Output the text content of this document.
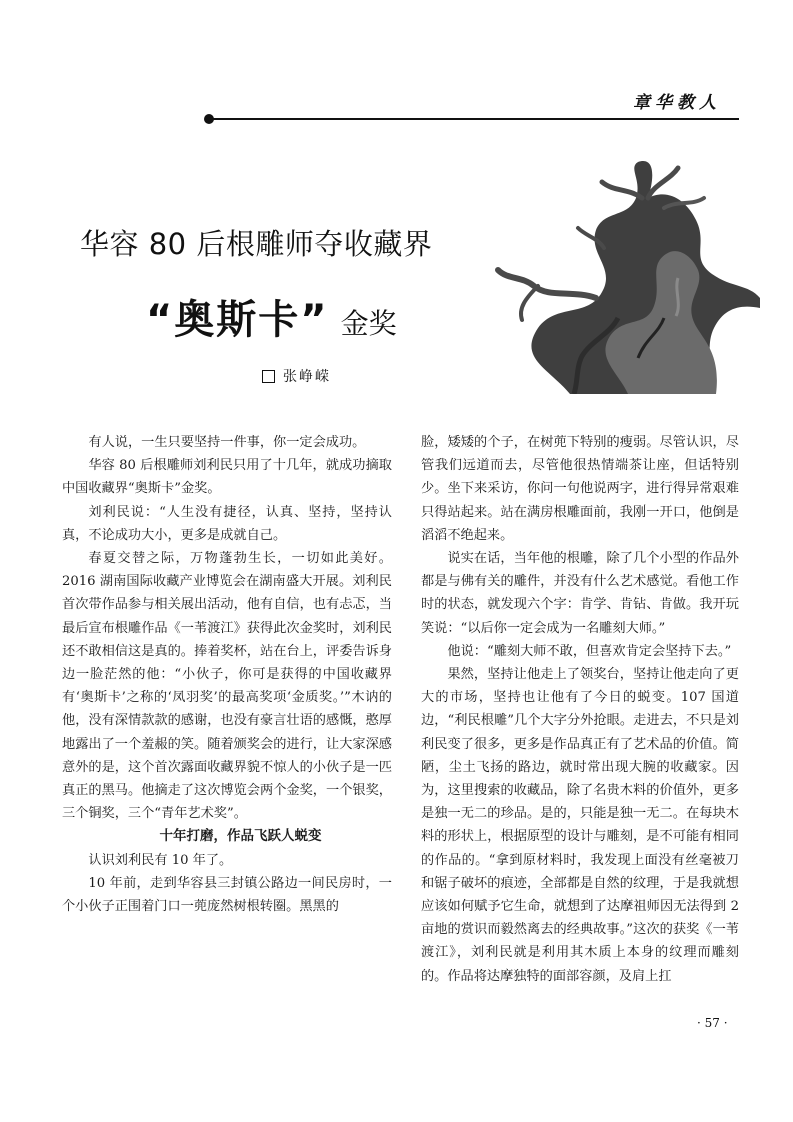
章华教人
华容 80 后根雕师夺收藏界
“奥斯卡” 金奖
张峥嵘

有人说，一生只要坚持一件事，你一定会成功。

华容 80 后根雕师刘利民只用了十几年，就成功摘取中国收藏界“奥斯卡”金奖。

刘利民说：“人生没有捷径，认真、坚持，坚持认真，不论成功大小，更多是成就自己。

春夏交替之际，万物蓬勃生长，一切如此美好。2016 湖南国际收藏产业博览会在湖南盛大开展。刘利民首次带作品参与相关展出活动，他有自信，也有忐忑，当最后宣布根雕作品《一苇渡江》获得此次金奖时，刘利民还不敢相信这是真的。捧着奖杯，站在台上，评委告诉身边一脸茫然的他：“小伙子，你可是获得的中国收藏界有‘奥斯卡’之称的‘凤羽奖’的最高奖项‘金质奖。’”木讷的他，没有深情款款的感谢，也没有豪言壮语的感慨，憨厚地露出了一个羞赧的笑。随着颁奖会的进行，让大家深感意外的是，这个首次露面收藏界貌不惊人的小伙子是一匹真正的黑马。他摘走了这次博览会两个金奖，一个银奖，三个铜奖，三个“青年艺术奖”。

十年打磨，作品飞跃人蜕变

认识刘利民有 10 年了。

10 年前，走到华容县三封镇公路边一间民房时，一个小伙子正围着门口一蔸庞然树根转圈。黑黑的

脸，矮矮的个子，在树蔸下特别的瘦弱。尽管认识，尽管我们远道而去，尽管他很热情端茶让座，但话特别少。坐下来采访，你问一句他说两字，进行得异常艰难只得站起来。站在满房根雕面前，我刚一开口，他倒是滔滔不绝起来。

说实在话，当年他的根雕，除了几个小型的作品外都是与佛有关的雕件，并没有什么艺术感觉。看他工作时的状态，就发现六个字：肯学、肯钻、肯做。我开玩笑说：“以后你一定会成为一名雕刻大师。”

他说：“雕刻大师不敢，但喜欢肯定会坚持下去。”

果然，坚持让他走上了领奖台，坚持让他走向了更大的市场，坚持也让他有了今日的蜕变。107 国道边，“利民根雕”几个大字分外抢眼。走进去，不只是刘利民变了很多，更多是作品真正有了艺术品的价值。简陋，尘土飞扬的路边，就时常出现大腕的收藏家。因为，这里搜索的收藏品，除了名贵木料的价值外，更多是独一无二的珍品。是的，只能是独一无二。在每块木料的形状上，根据原型的设计与雕刻，是不可能有相同的作品的。“拿到原材料时，我发现上面没有丝毫被刀和锯子破坏的痕迹，全部都是自然的纹理，于是我就想应该如何赋予它生命，就想到了达摩祖师因无法得到 2 亩地的赏识而毅然离去的经典故事。”这次的获奖《一苇渡江》，刘利民就是利用其木质上本身的纹理而雕刻的。作品将达摩独特的面部容颜，及肩上扛

· 57 ·
